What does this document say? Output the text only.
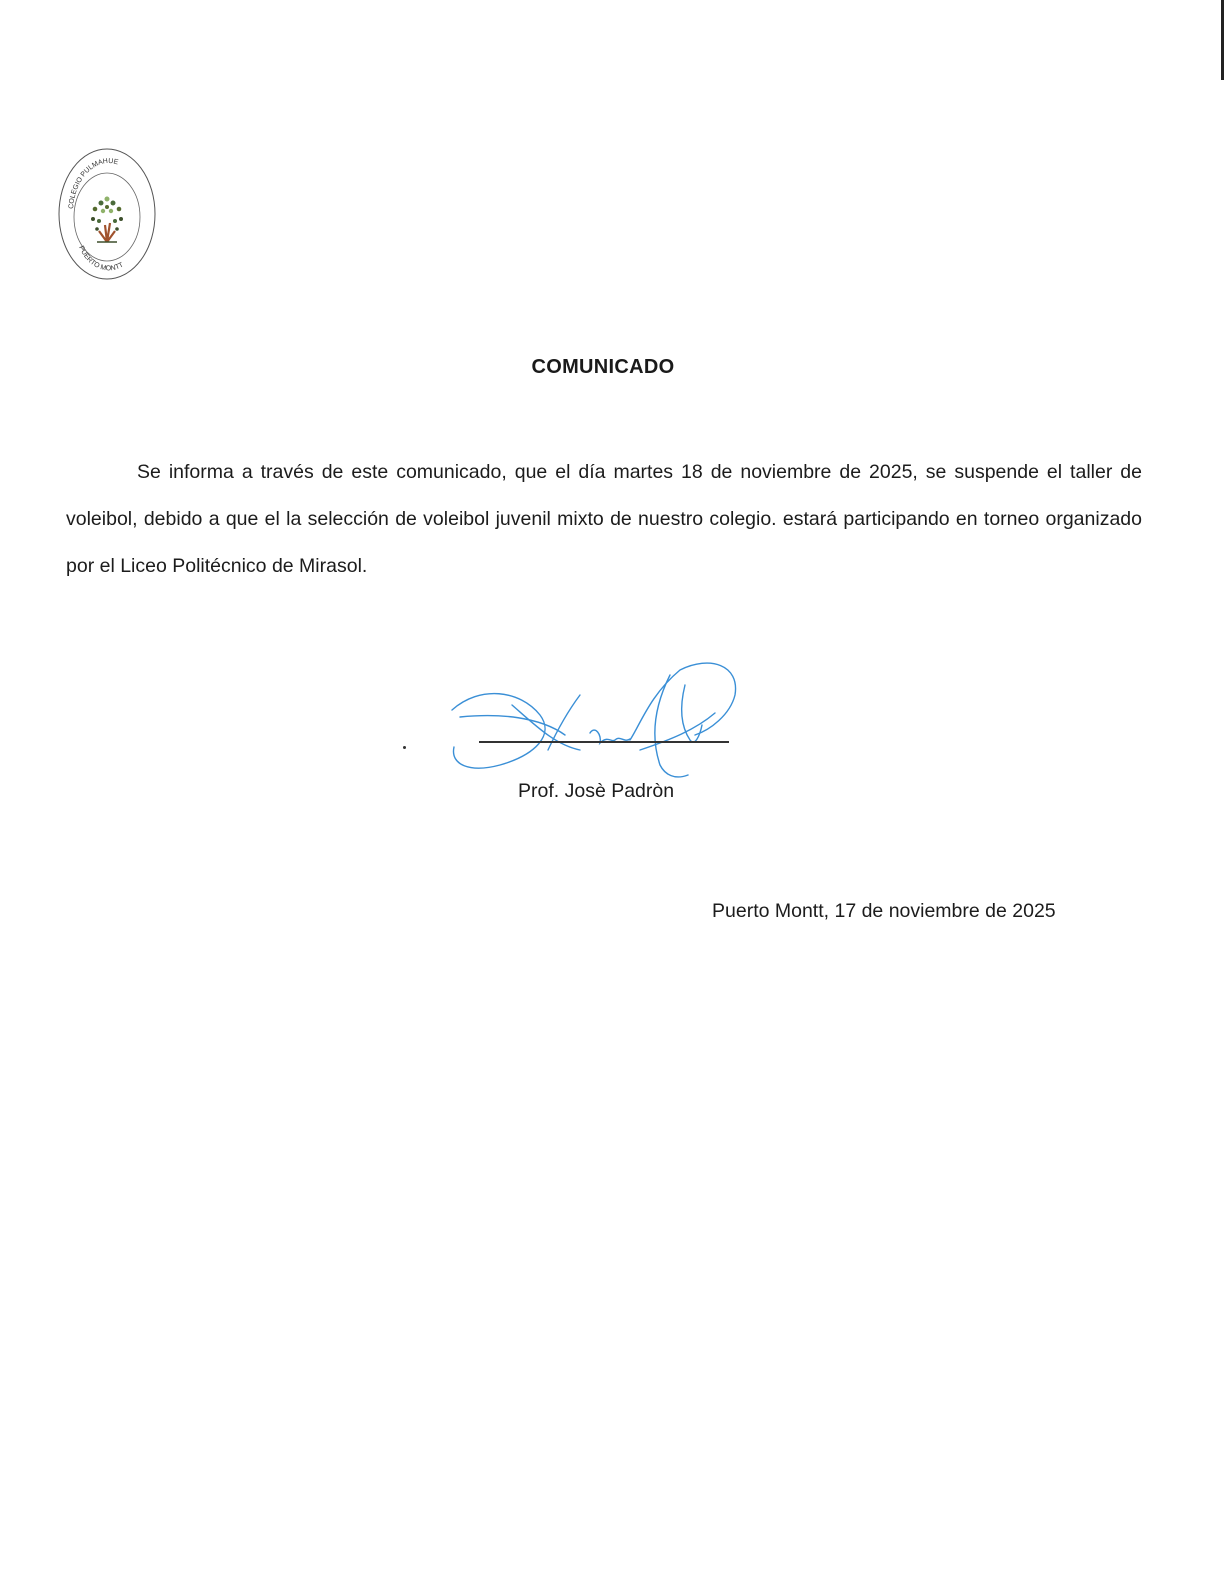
COLEGIO PULMAHUE
PUERTO MONTT
COMUNICADO

Se informa a través de este comunicado, que el día martes 18 de noviembre de 2025, se suspende el taller de voleibol, debido a que el la selección de voleibol juvenil mixto de nuestro colegio. estará participando en torneo organizado por el Liceo Politécnico de Mirasol.

Prof. Josè Padròn
Puerto Montt, 17 de noviembre de 2025
